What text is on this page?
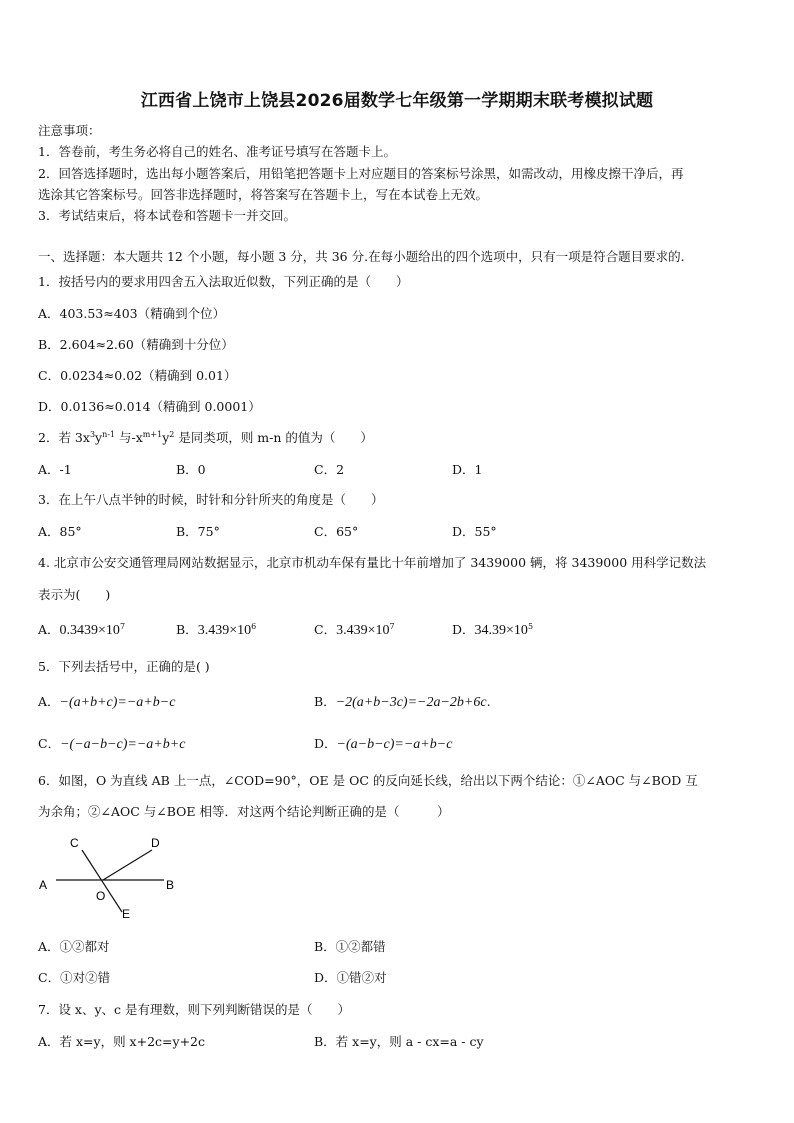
江西省上饶市上饶县2026届数学七年级第一学期期末联考模拟试题
注意事项：
1．答卷前，考生务必将自己的姓名、准考证号填写在答题卡上。
2．回答选择题时，选出每小题答案后，用铅笔把答题卡上对应题目的答案标号涂黑，如需改动，用橡皮擦干净后，再
选涂其它答案标号。回答非选择题时，将答案写在答题卡上，写在本试卷上无效。
3．考试结束后，将本试卷和答题卡一并交回。
一、选择题：本大题共 12 个小题，每小题 3 分，共 36 分.在每小题给出的四个选项中，只有一项是符合题目要求的.
1．按括号内的要求用四舍五入法取近似数，下列正确的是（　　）
A．403.53≈403（精确到个位）
B．2.604≈2.60（精确到十分位）
C．0.0234≈0.02（精确到 0.01）
D．0.0136≈0.014（精确到 0.0001）
2．若 $3x^3y^{n-1}$ 与$-x^{m+1}y^2$ 是同类项，则 m-n 的值为（　　）
A．-1	B．0	C．2	D．1
3．在上午八点半钟的时候，时针和分针所夹的角度是（　　）
A．85°	B．75°	C．65°	D．55°
4. 北京市公安交通管理局网站数据显示，北京市机动车保有量比十年前增加了 3439000 辆，将 3439000 用科学记数法
表示为(　　)
A．$0.3439\times 10^7$	B．$3.439\times 10^6$	C．$3.439\times 10^7$	D．$34.39\times 10^5$
5．下列去括号中，正确的是( )
A．−(a+b+c)=−a+b−c	B．−2(a+b−3c)=−2a−2b+6c.
C．−(−a−b−c)=−a+b+c	D．−(a−b−c)=−a+b−c
6．如图，O 为直线 AB 上一点，∠COD=90°，OE 是 OC 的反向延长线，给出以下两个结论：①∠AOC 与∠BOD 互
为余角；②∠AOC 与∠BOE 相等．对这两个结论判断正确的是（　　　）
A	B
C	D
O
E
A．①②都对	B．①②都错
C．①对②错	D．①错②对
7．设 x、y、c 是有理数，则下列判断错误的是（　　）
A．若 x=y，则 x+2c=y+2c	B．若 x=y，则 a - cx=a - cy
